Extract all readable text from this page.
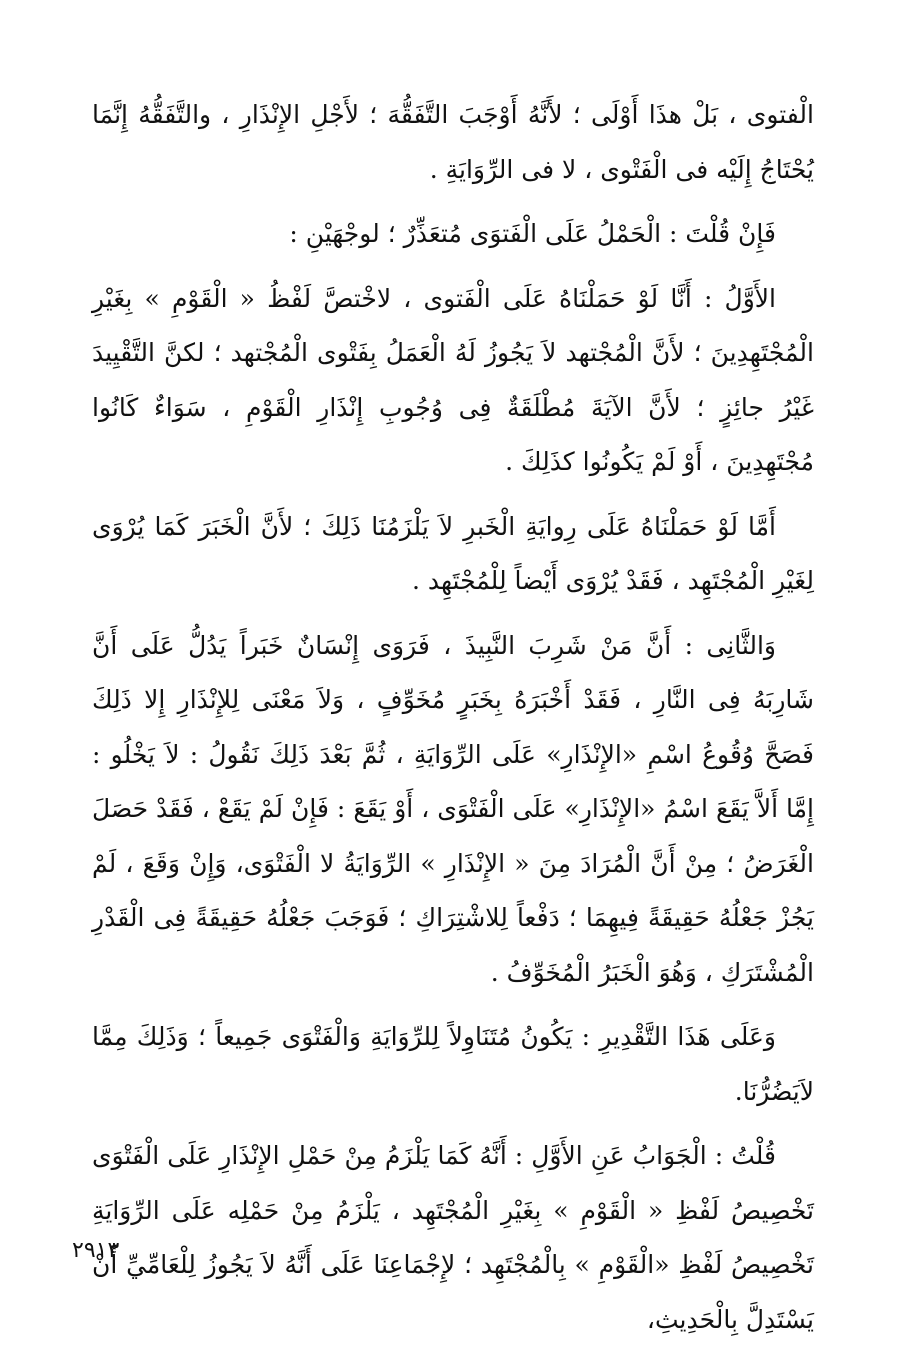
الْفتوى ، بَلْ هذَا أَوْلَى ؛ لأَنَّهُ أَوْجَبَ التَّفَقُّهَ ؛ لأَجْلِ الإِنْذَارِ ، والتَّفَقُّهُ إِنَّمَا يُحْتَاجُ إِلَيْه فى الْفَتْوى ، لا فى الرِّوَايَةِ .

فَإِنْ قُلْتَ : الْحَمْلُ عَلَى الْفَتوَى مُتعَذِّرٌ ؛ لوجْهَيْنِ :

الأَوَّلُ : أَنَّا لَوْ حَمَلْنَاهُ عَلَى الْفَتوى ، لاخْتصَّ لَفْظُ « الْقَوْمِ » بِغَيْرِ الْمُجْتَهِدِينَ ؛ لأَنَّ الْمُجْتهد لاَ يَجُوزُ لَهُ الْعَمَلُ بِفَتْوى الْمُجْتهد ؛ لكنَّ التَّقْيِيدَ غَيْرُ جائِزٍ ؛ لأَنَّ الآيَةَ مُطْلَقَةٌ فِى وُجُوبِ إِنْذَارِ الْقَوْمِ ، سَوَاءٌ كَانُوا مُجْتَهِدِينَ ، أَوْ لَمْ يَكُونُوا كذَلِكَ .

أَمَّا لَوْ حَمَلْنَاهُ عَلَى رِوايَةِ الْخَبرِ لاَ يَلْزَمُنَا ذَلِكَ ؛ لأَنَّ الْخَبَرَ كَمَا يُرْوَى لِغَيْرِ الْمُجْتَهِد ، فَقَدْ يُرْوَى أَيْضاً لِلْمُجْتَهِد .

وَالثَّانِى : أَنَّ مَنْ شَرِبَ النَّبِيذَ ، فَرَوَى إِنْسَانٌ خَبَراً يَدُلُّ عَلَى أَنَّ شَارِبَهُ فِى النَّارِ ، فَقَدْ أَخْبَرَهُ بِخَبَرٍ مُخَوِّفٍ ، وَلاَ مَعْنَى لِلإِنْذَارِ إِلا ذَلِكَ فَصَحَّ وُقُوعُ اسْمِ «الإِنْذَارِ» عَلَى الرِّوَايَةِ ، ثُمَّ بَعْدَ ذَلِكَ نَقُولُ : لاَ يَخْلُو : إِمَّا أَلاَّ يَقَعَ اسْمُ «الإِنْذَارِ» عَلَى الْفَتْوَى ، أَوْ يَقَعَ : فَإِنْ لَمْ يَقَعْ ، فَقَدْ حَصَلَ الْغَرَضُ ؛ مِنْ أَنَّ الْمُرَادَ مِنَ « الإِنْذَارِ » الرِّوَايَةُ لا الْفَتْوَى، وَإِنْ وَقَعَ ، لَمْ يَجُزْ جَعْلُهُ حَقِيقَةً فِيهِمَا ؛ دَفْعاً لِلاشْتِرَاكِ ؛ فَوَجَبَ جَعْلُهُ حَقِيقَةً فِى الْقَدْرِ الْمُشْتَرَكِ ، وَهُوَ الْخَبَرُ الْمُخَوِّفُ .

وَعَلَى هَذَا التَّقْدِيرِ : يَكُونُ مُتَنَاوِلاً لِلرِّوَايَةِ وَالْفَتْوَى جَمِيعاً ؛ وَذَلِكَ مِمَّا لاَيَضُرُّنَا.

قُلْتُ : الْجَوَابُ عَنِ الأَوَّلِ : أَنَّهُ كَمَا يَلْزَمُ مِنْ حَمْلِ الإِنْذَارِ عَلَى الْفَتْوَى تَخْصِيصُ لَفْظِ « الْقَوْمِ » بِغَيْرِ الْمُجْتَهِد ، يَلْزَمُ مِنْ حَمْلِه عَلَى الرِّوَايَةِ تَخْصِيصُ لَفْظِ «الْقَوْمِ » بِالْمُجْتَهِد ؛ لإِجْمَاعِنَا عَلَى أَنَّهُ لاَ يَجُوزُ لِلْعَامِّيِّ أَنْ يَسْتَدِلَّ بِالْحَدِيثِ،

٢٩١٣
